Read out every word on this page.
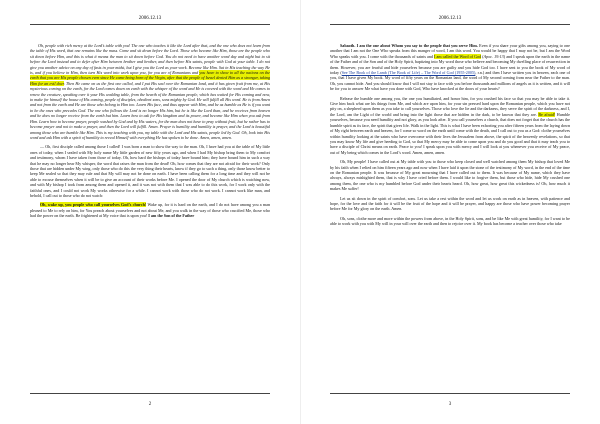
2006.12.13

Oh, people with rich mercy at the Lord’s table with you! The one who teaches it like the Lord after that, and the one who does not learn from the table of His word, that one remains like the mass. Come and sit down before the Lord. Those who become like Him, those are the people who sit down before Him, and this is what it means the man to sit down before God. You do not need to have another word day and night but to sit before the Lord instead and to defer after Him between brother and brother, and then before His saints, people with God at your table. I do not give you another advice on any day of fasts in your midst, but I give you the Lord as your work. Become like Him. Sat in His teaching the way He is, and if you believe in Him, then turn His word into work upon you, for you are of Romanians and you have to show to all the nations on the earth that you are His people chosen even since He came being born of the Virgin, after that the people of Israel denied Him as a stranger, taking Him for an evil doer. Then He came on us the first one called, and I put His seal over the Romanian land, and it has given fruit from me, at His mysterious coming on the earth, for the Lord comes down on earth with the whisper of the word and He is covered with the word and He comes to renew the creature, speaking over it your His wedding table, from the hearth of the Romanian people, which has waited for His coming and now, to make for himself the house of His coming, people of disciples, obedient sons, sons mighty by God. He will fulfill all His word. He is from Amen and not from the earth and He are those who belong to Him too. Learn His face, and thus appear with Him, and be as humble as He is if you want to be the ones who precedes God. The one who follows the Lord is no longer His him, but he is like the Lord than, and he receives from heaven and he does no longer receive from the earth but him. Learn how to ask for His kingdom and its power, and become like Him when you ask from Him. Learn how to become prayer, people washed by God and by His waters, for the man does not have to pray without fruit, but he rather has to become prayer and not to make a prayer, and then the Lord will fulfill. Amen. Prayer is humility and humility is prayer, and the Lord is beautiful among those who are humble like Him. This is my teaching with you, my table with the Lord and His saints, people led by God. Oh, look into His word and ask Him with a spirit of humility to reveal Himself with everything He has spoken to be done. Amen, amen, amen.

— Oh, first disciple called among those I called! I was born a man to show the way to the man. Oh, I have had you at the table of My little ones of today, when I sealed with My holy name My little garden of new fifty years ago, and when I had My bishop bring them to My comfort and testimony, whom I have taken from those of today. Oh, how hard the bishops of today have bound him; they have bound him in such a way that he may no longer hear My whisper, the word that raises the man from the dead! Oh, how comes that they are not afraid for their work? Only those that are hidden under My wing, only those who do this the very thing their hearts, know if they go to such a thing, only those know better to keep Me sealed so that they may rule and that My will may not be done on earth. I have been calling them for a long time and they will not be able to excuse themselves when it will be to give an account of their works before Me. I opened the door of My church which is watching now, and with My bishop I took from among them and opened it, and it was not with them that I was able to do this work, for I work only with the faithful ones, and I could not work My works otherwise for a while. I cannot work with those who do not work. I cannot work like man, and behold, I call out to those who do not watch:

Oh, wake up, you people who call yourselves God’s church! Wake up, for it is hard on the earth, and I do not have among you a man pleased to Me to rely on him, for You preach about yourselves and not about Me, and you walk in the way of those who crucified Me, those who had the power on the earth. Be frightened at My voice that is upon you! I am the Son of the Father

2
2006.12.13

Sabaoth. I am the one about Whom you say to the people that you serve Him. Even if you share your gifts among you, saying to one another that I am not the One Who speaks from this manger of word, I am this word. You would be happy that I may not be, but I am the Word Who speaks with you. I come with the thousands of saints and I am called the Word of God (Apoc. 19:13) and I speak upon the earth in the name of the Father and of the Son and of the Holy Spirit, baptizing into My word those who believe and becoming My dwelling place of resurrection in them. However, you are fearful and hide yourselves because you are guilty and you hide God too. I have sent to you the book of My word of today (See The Book of the Lamb (The Book of Life) – The Word of God (1955-2005), r.n.) and then I have written you in heaven, each one of you, that I have given My book. My word of fifty years on the Romanian land, the word of My second coming from near the Father to the man. Oh, you cannot hide. And you should know that I will not stay to face with you before thousands and millions of angels as it is written, and it will be for you to answer Me what have you done with God, Who have knocked at the doors of your hearts?

Release the humble one among you, the one you humiliated, and honor him, for you crushed his face so that you may be able to take it. Give him back what are his things from Me, and which are upon him, for your sin pressed hard upon the Romanian people, which you have not pity on, a shepherd upon them as you take to call yourselves. Those who love the lie and the darkness, they serve the spirit of the darkness, and I, the Lord, am the Light of the world and bring into the light those that are hidden in the dark, to be known that they are. Be afraid! Humble yourselves, because you need humility and not glory, as you look after. If you call yourselves a church, that does not forget that the church has the humble spirit as its face, the spirit that gives life. Walk in the light. This is what I have been exhorting you after fifteen years from the laying down of My right between earth and heaven, for I come so word on the earth until come with the death, and I call out to you as a God: clothe yourselves within humility looking at the saints who have overcome with their lives the Jerusalem from above, the spirit of the heavenly revelations, so that you may know My life and give heeding to God, so that My mercy may be able to come upon you and do you good and that it may teach you to have a disciple of Christ means on earth. Peace to you! I speak upon you with mercy and I will look at you whenever you receive of My peace, out of My being which comes in the Lord’s word. Amen, amen, amen.

Oh, My people! I have called out at My table with you to those who keep closed and well watched among them My bishop that loved Me by his faith when I relied on him fifteen years ago and now when I have laid it upon the stone of the testimony of My word, in the end of the time on the Romanian people. It was because of My great mourning that I have called out to them. It was because of My name, which they have always, always mishighted them, that is why I have cried before them. I would like to forgive them, but those who hide, hide My crushed one among them, the one who is my humbled before God under their hearts heard. Oh, how great, how great this wickedness is! Oh, how much it makes Me suffer!

Let us sit down in the spirit of comfort, sons. Let us take a rest within the word and let us work on earth as in heaven, with patience and hope, for the love and the faith for it will be the fruit of the hope and it will be prayer, and happy are those who have power becoming prayer before Me for My glory on the earth. Amen.

Oh, sons, clothe more and more within the powers from above, in the Holy Spirit, sons, and be like Me with great humility, for I want to be able to work with you with My will in your will over the earth and then to rejoice over it. My book has become a teacher over those who take

3
